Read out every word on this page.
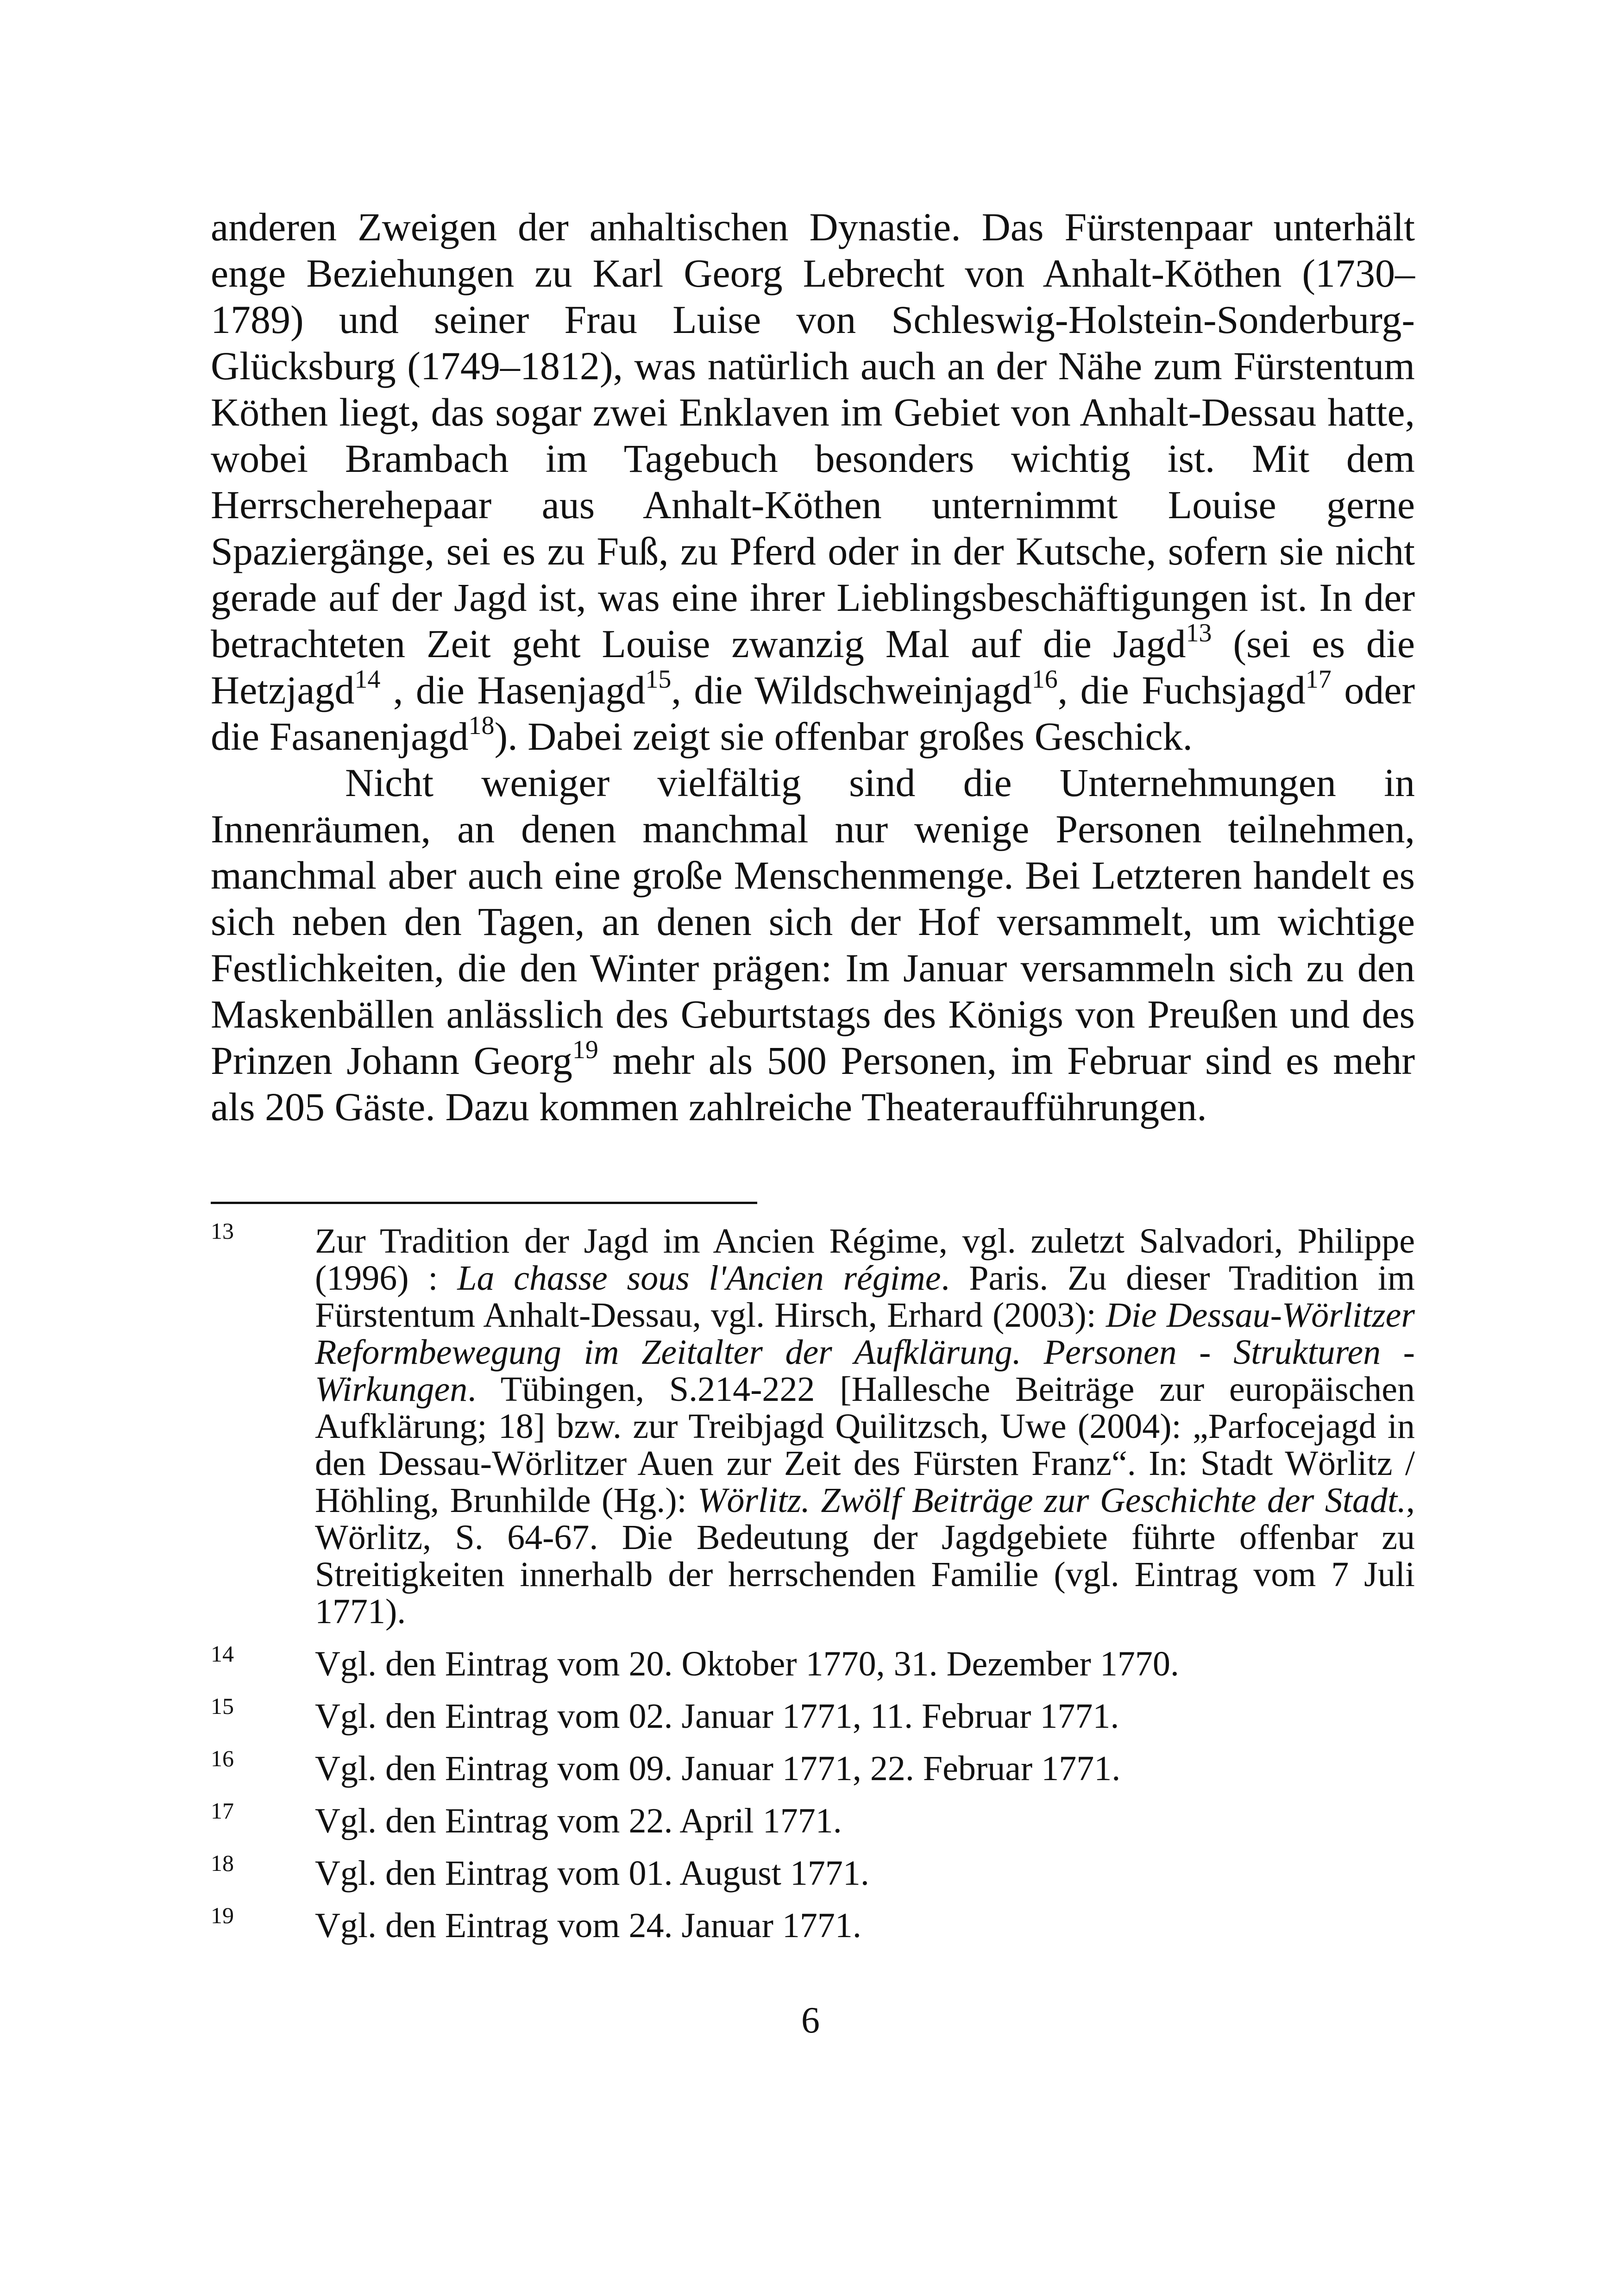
anderen Zweigen der anhaltischen Dynastie. Das Fürstenpaar unterhält enge Beziehungen zu Karl Georg Lebrecht von Anhalt-Köthen (1730–1789) und seiner Frau Luise von Schleswig-Holstein-Sonderburg-Glücksburg (1749–1812), was natürlich auch an der Nähe zum Fürstentum Köthen liegt, das sogar zwei Enklaven im Gebiet von Anhalt-Dessau hatte, wobei Brambach im Tagebuch besonders wichtig ist. Mit dem Herrscherehepaar aus Anhalt-Köthen unternimmt Louise gerne Spaziergänge, sei es zu Fuß, zu Pferd oder in der Kutsche, sofern sie nicht gerade auf der Jagd ist, was eine ihrer Lieblingsbeschäftigungen ist. In der betrachteten Zeit geht Louise zwanzig Mal auf die Jagd$^{13}$ (sei es die Hetzjagd$^{14}$ , die Hasenjagd$^{15}$, die Wildschweinjagd$^{16}$, die Fuchsjagd$^{17}$ oder die Fasanenjagd$^{18}$). Dabei zeigt sie offenbar großes Geschick.

Nicht weniger vielfältig sind die Unternehmungen in Innenräumen, an denen manchmal nur wenige Personen teilnehmen, manchmal aber auch eine große Menschenmenge. Bei Letzteren handelt es sich neben den Tagen, an denen sich der Hof versammelt, um wichtige Festlichkeiten, die den Winter prägen: Im Januar versammeln sich zu den Maskenbällen anlässlich des Geburtstags des Königs von Preußen und des Prinzen Johann Georg$^{19}$ mehr als 500 Personen, im Februar sind es mehr als 205 Gäste. Dazu kommen zahlreiche Theateraufführungen.

13 Zur Tradition der Jagd im Ancien Régime, vgl. zuletzt Salvadori, Philippe (1996) : La chasse sous l'Ancien régime. Paris. Zu dieser Tradition im Fürstentum Anhalt-Dessau, vgl. Hirsch, Erhard (2003): Die Dessau-Wörlitzer Reformbewegung im Zeitalter der Aufklärung. Personen - Strukturen - Wirkungen. Tübingen, S.214-222 [Hallesche Beiträge zur europäischen Aufklärung; 18] bzw. zur Treibjagd Quilitzsch, Uwe (2004): „Parfocejagd in den Dessau-Wörlitzer Auen zur Zeit des Fürsten Franz“. In: Stadt Wörlitz / Höhling, Brunhilde (Hg.): Wörlitz. Zwölf Beiträge zur Geschichte der Stadt., Wörlitz, S. 64-67. Die Bedeutung der Jagdgebiete führte offenbar zu Streitigkeiten innerhalb der herrschenden Familie (vgl. Eintrag vom 7 Juli 1771).
14 Vgl. den Eintrag vom 20. Oktober 1770, 31. Dezember 1770.
15 Vgl. den Eintrag vom 02. Januar 1771, 11. Februar 1771.
16 Vgl. den Eintrag vom 09. Januar 1771, 22. Februar 1771.
17 Vgl. den Eintrag vom 22. April 1771.
18 Vgl. den Eintrag vom 01. August 1771.
19 Vgl. den Eintrag vom 24. Januar 1771.
6
